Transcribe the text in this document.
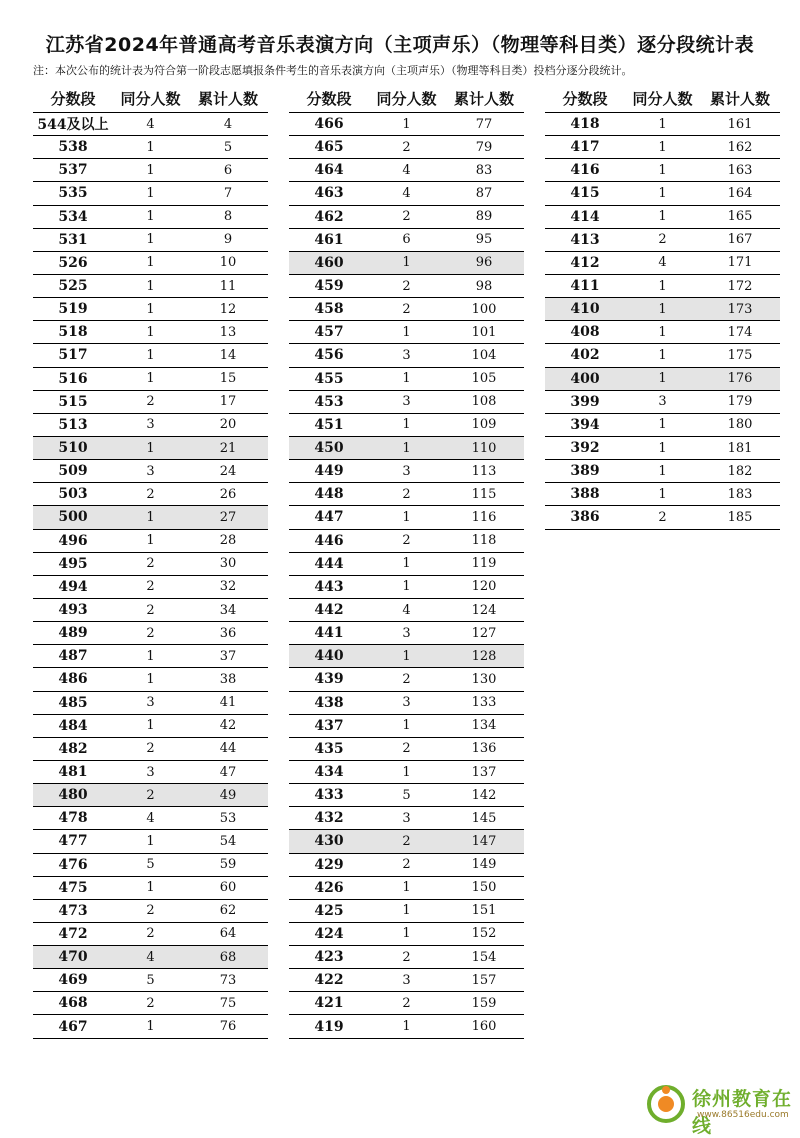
江苏省2024年普通高考音乐表演方向（主项声乐）（物理等科目类）逐分段统计表
注：本次公布的统计表为符合第一阶段志愿填报条件考生的音乐表演方向（主项声乐）（物理等科目类）投档分逐分段统计。
分数段	同分人数	累计人数
544及以上	4	4
538	1	5
537	1	6
535	1	7
534	1	8
531	1	9
526	1	10
525	1	11
519	1	12
518	1	13
517	1	14
516	1	15
515	2	17
513	3	20
510	1	21
509	3	24
503	2	26
500	1	27
496	1	28
495	2	30
494	2	32
493	2	34
489	2	36
487	1	37
486	1	38
485	3	41
484	1	42
482	2	44
481	3	47
480	2	49
478	4	53
477	1	54
476	5	59
475	1	60
473	2	62
472	2	64
470	4	68
469	5	73
468	2	75
467	1	76
分数段	同分人数	累计人数
466	1	77
465	2	79
464	4	83
463	4	87
462	2	89
461	6	95
460	1	96
459	2	98
458	2	100
457	1	101
456	3	104
455	1	105
453	3	108
451	1	109
450	1	110
449	3	113
448	2	115
447	1	116
446	2	118
444	1	119
443	1	120
442	4	124
441	3	127
440	1	128
439	2	130
438	3	133
437	1	134
435	2	136
434	1	137
433	5	142
432	3	145
430	2	147
429	2	149
426	1	150
425	1	151
424	1	152
423	2	154
422	3	157
421	2	159
419	1	160
分数段	同分人数	累计人数
418	1	161
417	1	162
416	1	163
415	1	164
414	1	165
413	2	167
412	4	171
411	1	172
410	1	173
408	1	174
402	1	175
400	1	176
399	3	179
394	1	180
392	1	181
389	1	182
388	1	183
386	2	185
徐州教育在线
www.86516edu.com
